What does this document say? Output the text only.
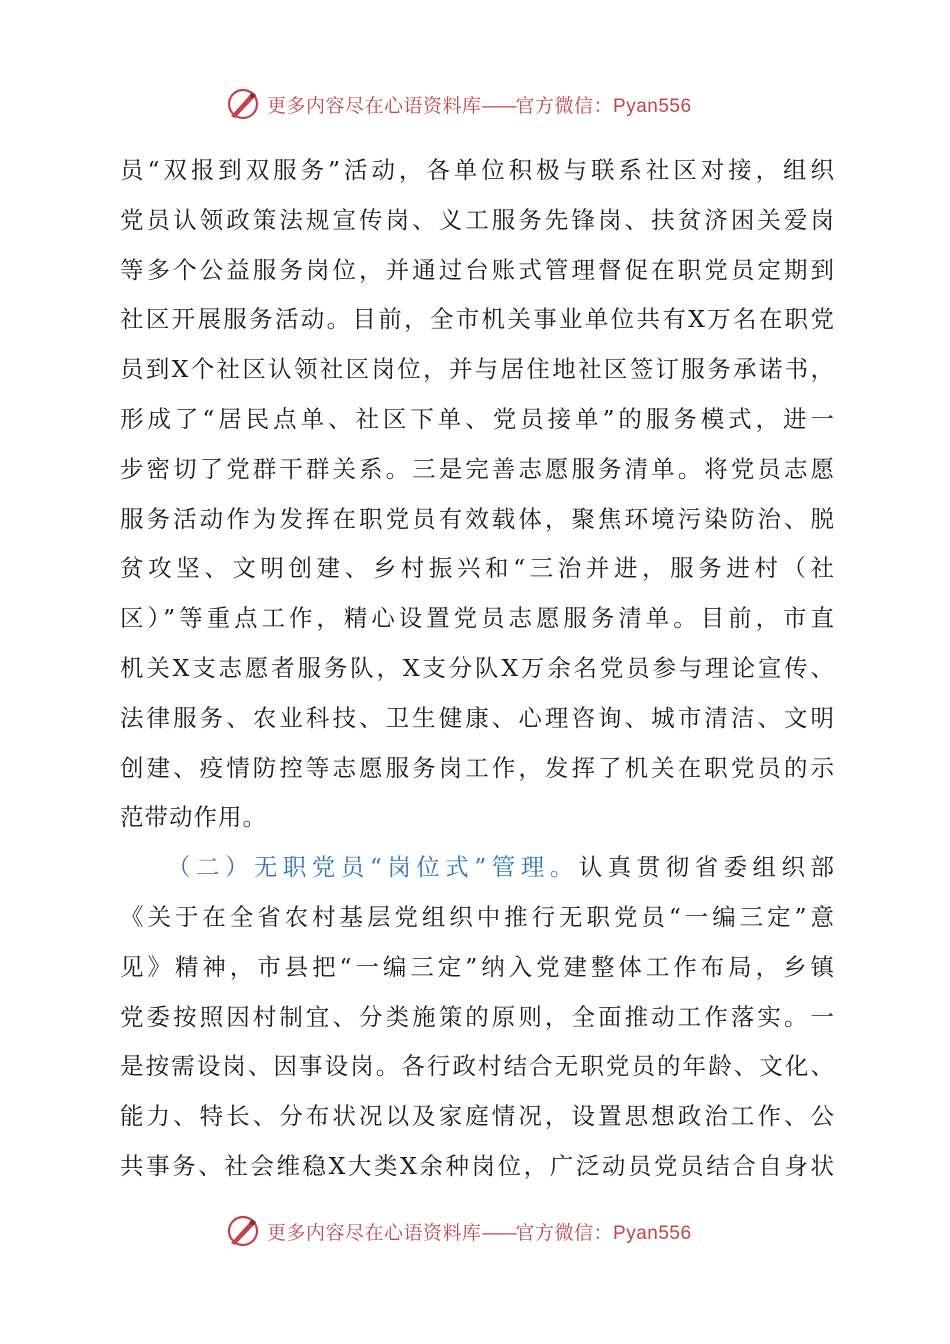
更多内容尽在心语资料库——官方微信：Pyan556
员“双报到双服务”活动，各单位积极与联系社区对接，组织
党员认领政策法规宣传岗、义工服务先锋岗、扶贫济困关爱岗
等多个公益服务岗位，并通过台账式管理督促在职党员定期到
社区开展服务活动。目前，全市机关事业单位共有X万名在职党
员到X个社区认领社区岗位，并与居住地社区签订服务承诺书，
形成了“居民点单、社区下单、党员接单”的服务模式，进一
步密切了党群干群关系。三是完善志愿服务清单。将党员志愿
服务活动作为发挥在职党员有效载体，聚焦环境污染防治、脱
贫攻坚、文明创建、乡村振兴和“三治并进，服务进村（社
区）”等重点工作，精心设置党员志愿服务清单。目前，市直
机关X支志愿者服务队，X支分队X万余名党员参与理论宣传、
法律服务、农业科技、卫生健康、心理咨询、城市清洁、文明
创建、疫情防控等志愿服务岗工作，发挥了机关在职党员的示
范带动作用。
（二）无职党员“岗位式”管理。认真贯彻省委组织部
《关于在全省农村基层党组织中推行无职党员“一编三定”意
见》精神，市县把“一编三定”纳入党建整体工作布局，乡镇
党委按照因村制宜、分类施策的原则，全面推动工作落实。一
是按需设岗、因事设岗。各行政村结合无职党员的年龄、文化、
能力、特长、分布状况以及家庭情况，设置思想政治工作、公
共事务、社会维稳X大类X余种岗位，广泛动员党员结合自身状
更多内容尽在心语资料库——官方微信：Pyan556
